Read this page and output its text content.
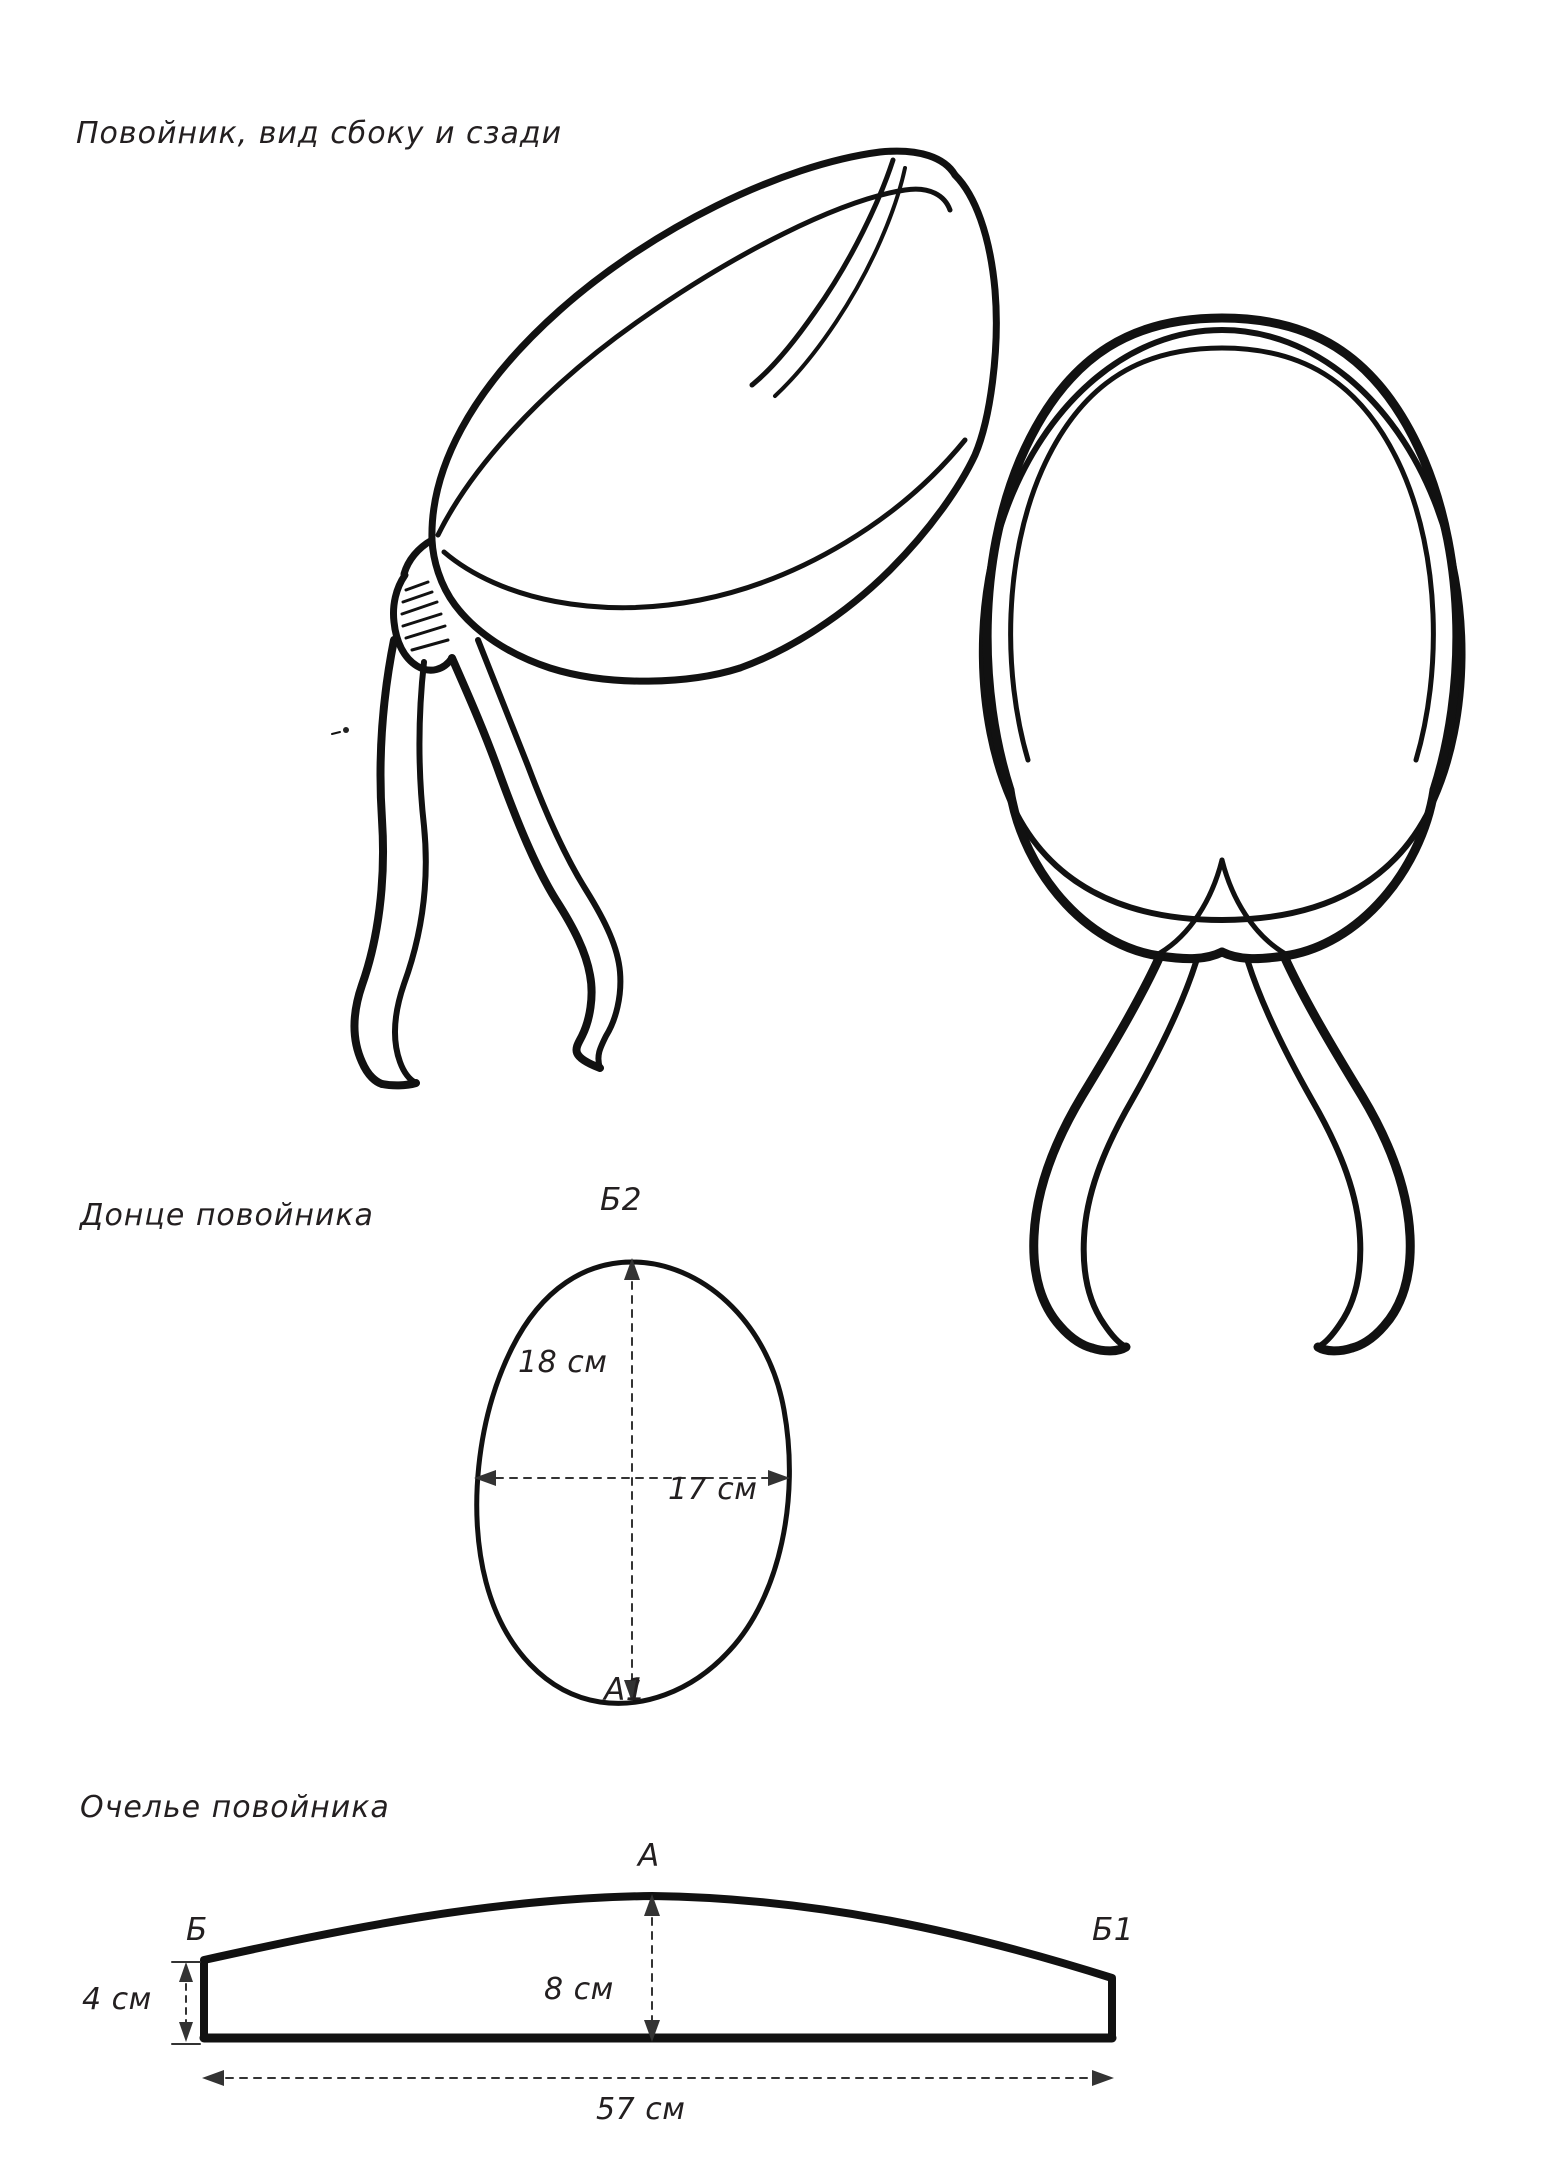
Повойник, вид сбоку и сзади
Донце повойника	Б2
А1
18 см
17 см
Очелье повойника
А
Б	Б1
8 см
4 см
57 см
